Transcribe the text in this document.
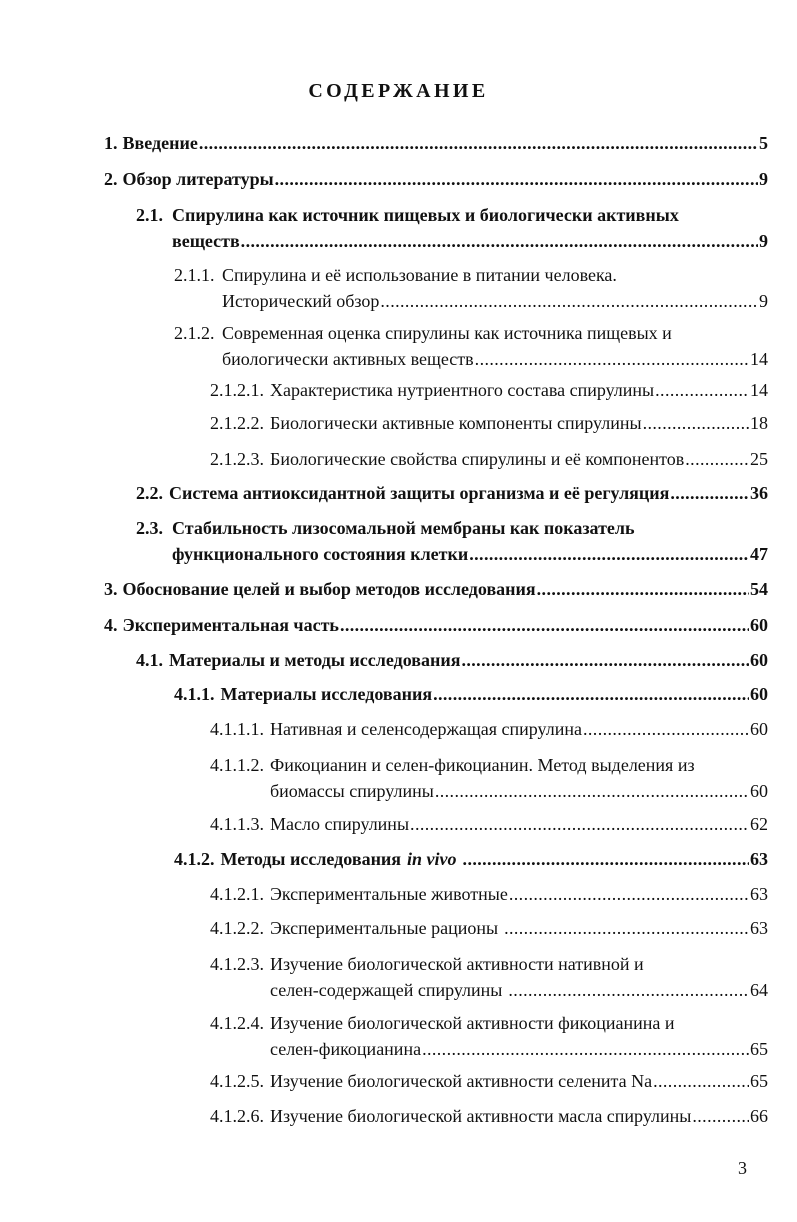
СОДЕРЖАНИЕ
1. Введение .....	5
2. Обзор литературы .....	9
2.1. Спирулина как источник пищевых и биологически активных
веществ .....	9
2.1.1. Спирулина и её использование в питании человека.
Исторический обзор .....	9
2.1.2. Современная оценка спирулины как источника пищевых и
биологически активных веществ .....	14
2.1.2.1. Характеристика нутриентного состава спирулины .....	14
2.1.2.2. Биологически активные компоненты спирулины .....	18
2.1.2.3. Биологические свойства спирулины и её компонентов .....	25
2.2. Система антиоксидантной защиты организма и её регуляция .....	36
2.3. Стабильность лизосомальной мембраны как показатель
функционального состояния клетки .....	47
3. Обоснование целей и выбор методов исследования .....	54
4. Экспериментальная часть .....	60
4.1. Материалы и методы исследования .....	60
4.1.1. Материалы исследования .....	60
4.1.1.1. Нативная и селенсодержащая спирулина .....	60
4.1.1.2. Фикоцианин и селен-фикоцианин. Метод выделения из
биомассы спирулины .....	60
4.1.1.3. Масло спирулины .....	62
4.1.2. Методы исследования in vivo .....	63
4.1.2.1. Экспериментальные животные .....	63
4.1.2.2. Экспериментальные рационы .....	63
4.1.2.3. Изучение биологической активности нативной и
селен-содержащей спирулины .....	64
4.1.2.4. Изучение биологической активности фикоцианина и
селен-фикоцианина .....	65
4.1.2.5. Изучение биологической активности селенита Na .....	65
4.1.2.6. Изучение биологической активности масла спирулины .....	66
3
